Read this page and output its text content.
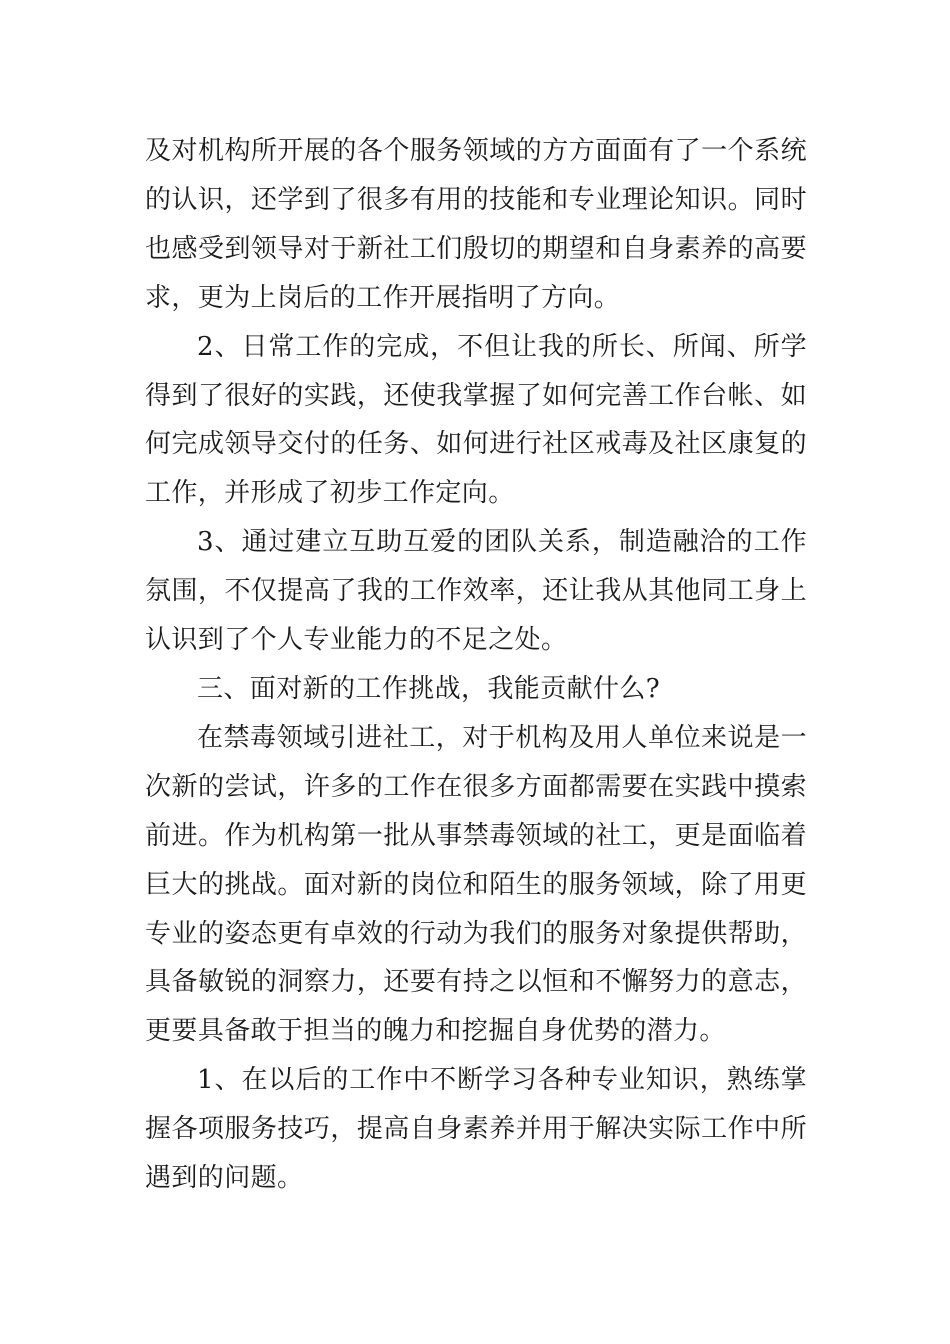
及对机构所开展的各个服务领域的方方面面有了一个系统的认识，还学到了很多有用的技能和专业理论知识。同时也感受到领导对于新社工们殷切的期望和自身素养的高要求，更为上岗后的工作开展指明了方向。

2、日常工作的完成，不但让我的所长、所闻、所学得到了很好的实践，还使我掌握了如何完善工作台帐、如何完成领导交付的任务、如何进行社区戒毒及社区康复的工作，并形成了初步工作定向。

3、通过建立互助互爱的团队关系，制造融洽的工作氛围，不仅提高了我的工作效率，还让我从其他同工身上认识到了个人专业能力的不足之处。

三、面对新的工作挑战，我能贡献什么?

在禁毒领域引进社工，对于机构及用人单位来说是一次新的尝试，许多的工作在很多方面都需要在实践中摸索前进。作为机构第一批从事禁毒领域的社工，更是面临着巨大的挑战。面对新的岗位和陌生的服务领域，除了用更专业的姿态更有卓效的行动为我们的服务对象提供帮助，具备敏锐的洞察力，还要有持之以恒和不懈努力的意志，更要具备敢于担当的魄力和挖掘自身优势的潜力。

1、在以后的工作中不断学习各种专业知识，熟练掌握各项服务技巧，提高自身素养并用于解决实际工作中所遇到的问题。
